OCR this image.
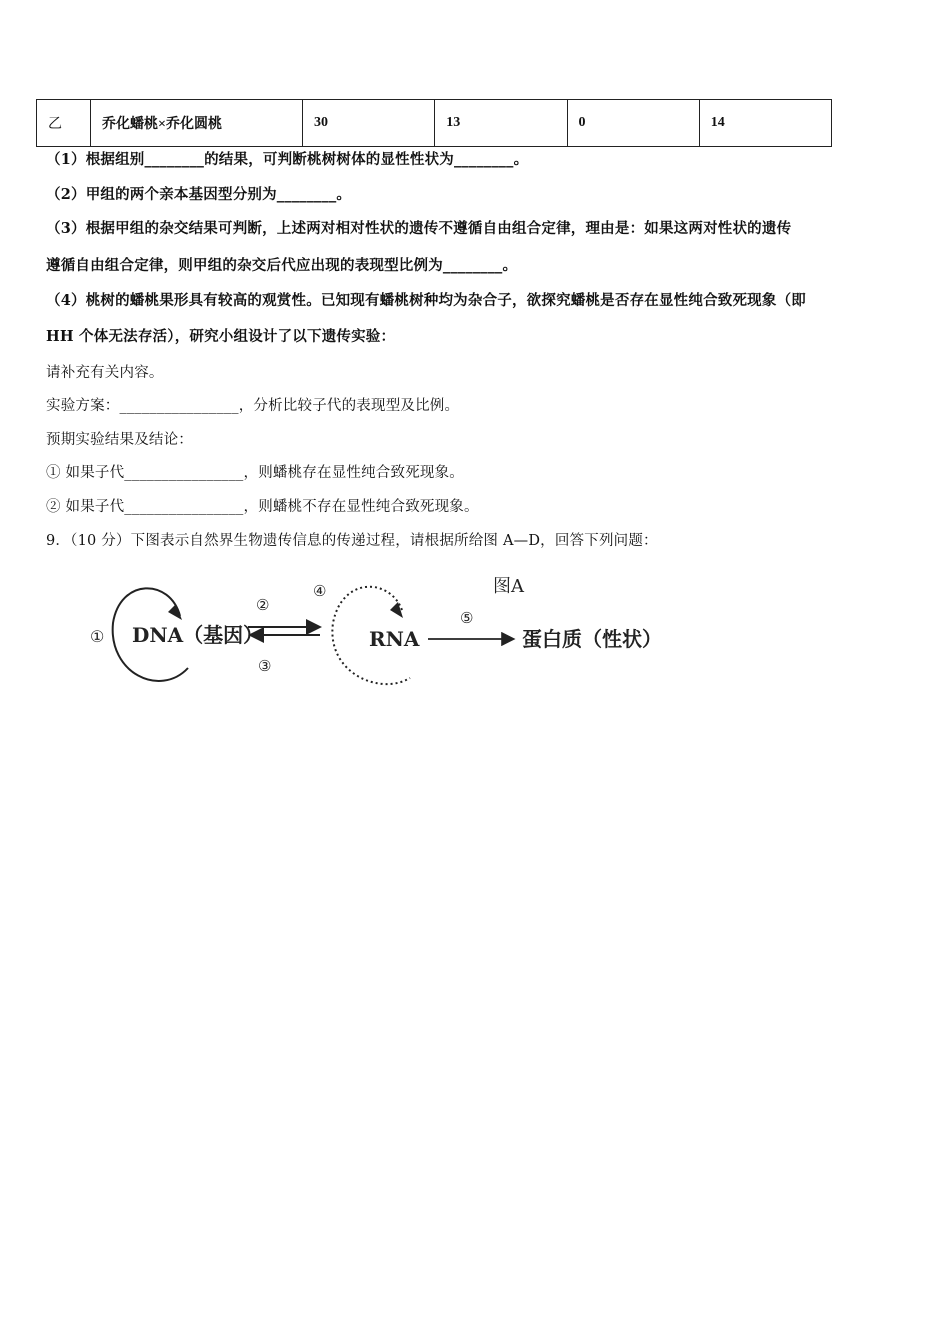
乙	乔化蟠桃×乔化圆桃	30	13	0	14
（1）根据组别________的结果，可判断桃树树体的显性性状为________。
（2）甲组的两个亲本基因型分别为________。
（3）根据甲组的杂交结果可判断，上述两对相对性状的遗传不遵循自由组合定律，理由是：如果这两对性状的遗传
遵循自由组合定律，则甲组的杂交后代应出现的表现型比例为________。
（4）桃树的蟠桃果形具有较高的观赏性。已知现有蟠桃树种均为杂合子，欲探究蟠桃是否存在显性纯合致死现象（即
HH 个体无法存活），研究小组设计了以下遗传实验：
请补充有关内容。
实验方案：________________，分析比较子代的表现型及比例。
预期实验结果及结论：
① 如果子代________________，则蟠桃存在显性纯合致死现象。
② 如果子代________________，则蟠桃不存在显性纯合致死现象。
9．（10 分）下图表示自然界生物遗传信息的传递过程，请根据所给图 A—D，回答下列问题：
① DNA（基因）
②
③
④
RNA
⑤
蛋白质（性状）
图A
